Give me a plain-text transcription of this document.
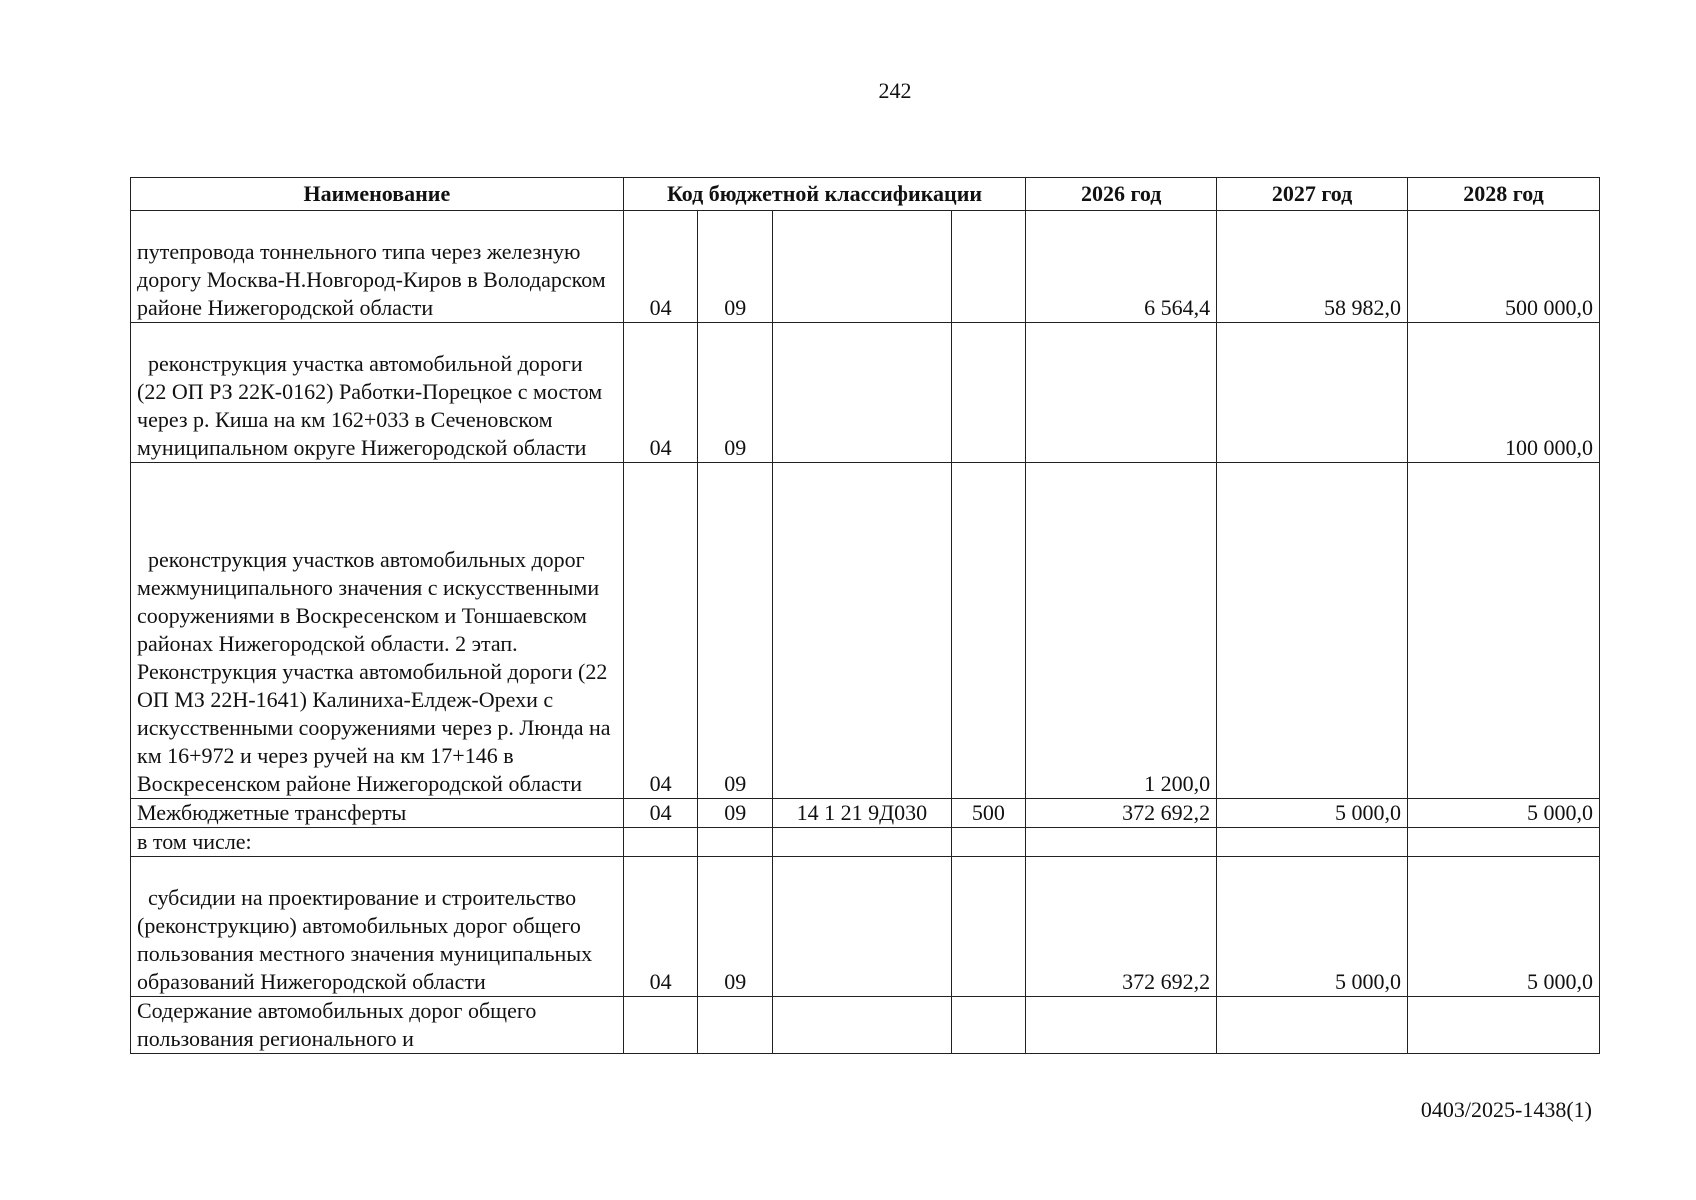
242
Наименование	Код бюджетной классификации				2026 год	2027 год	2028 год
путепровода тоннельного типа через железную дорогу Москва-Н.Новгород-Киров в Володарском районе Нижегородской области	04	09			6 564,4	58 982,0	500 000,0
реконструкция участка автомобильной дороги (22 ОП РЗ 22К-0162) Работки-Порецкое с мостом через р. Киша на км 162+033 в Сеченовском муниципальном округе Нижегородской области	04	09					100 000,0
реконструкция участков автомобильных дорог межмуниципального значения с искусственными сооружениями в Воскресенском и Тоншаевском районах Нижегородской области. 2 этап. Реконструкция участка автомобильной дороги (22 ОП МЗ 22Н-1641) Калиниха-Елдеж-Орехи с искусственными сооружениями через р. Люнда на км 16+972 и через ручей на км 17+146 в Воскресенском районе Нижегородской области	04	09			1 200,0		
Межбюджетные трансферты	04	09	14 1 21 9Д030	500	372 692,2	5 000,0	5 000,0
в том числе:							
субсидии на проектирование и строительство (реконструкцию) автомобильных дорог общего пользования местного значения муниципальных образований Нижегородской области	04	09			372 692,2	5 000,0	5 000,0
Содержание автомобильных дорог общего пользования регионального и							
0403/2025-1438(1)
